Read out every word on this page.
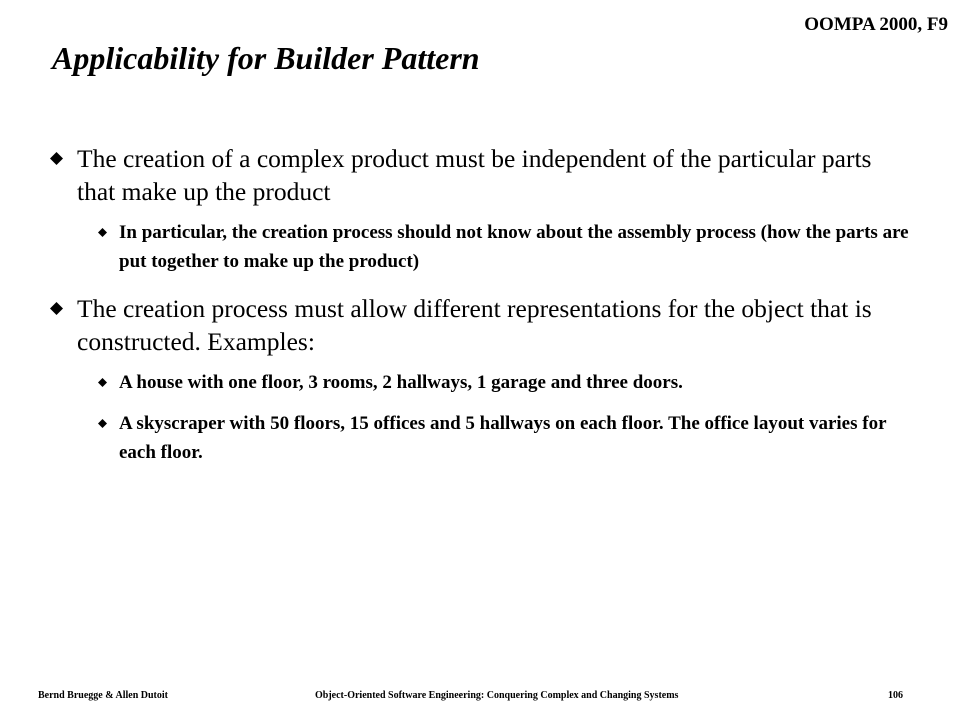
OOMPA 2000, F9
Applicability for Builder Pattern
The creation of a complex product must be independent of the particular parts that make up the product
In particular, the creation process should not know about the assembly process (how the parts are put together to make up the product)
The creation process must allow different representations for the object that is constructed. Examples:
A house with one floor, 3 rooms, 2 hallways, 1 garage and three doors.
A skyscraper with 50 floors, 15 offices and 5 hallways on each floor. The office layout varies for each floor.
Bernd Bruegge & Allen Dutoit	Object-Oriented Software Engineering: Conquering Complex and Changing Systems	106
